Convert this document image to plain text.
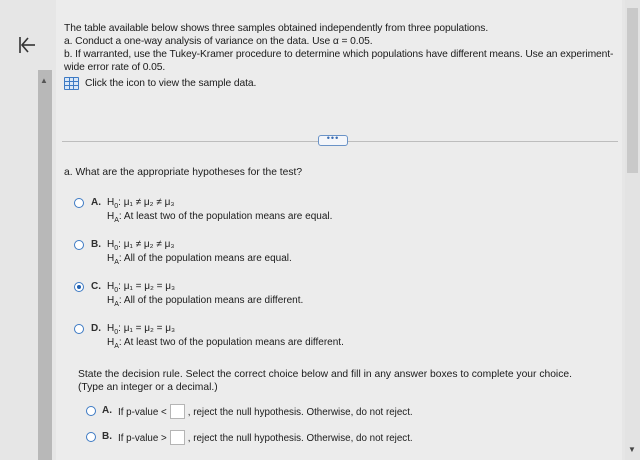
▲

The table available below shows three samples obtained independently from three populations.

a. Conduct a one-way analysis of variance on the data. Use α = 0.05.

b. If warranted, use the Tukey-Kramer procedure to determine which populations have different means. Use an experiment-wide error rate of 0.05.

Click the icon to view the sample data.
•••
a. What are the appropriate hypotheses for the test?
A. $H_0$: μ₁ ≠ μ₂ ≠ μ₃
$H_A$: At least two of the population means are equal.
B. $H_0$: μ₁ ≠ μ₂ ≠ μ₃
$H_A$: All of the population means are equal.
C. $H_0$: μ₁ = μ₂ = μ₃
$H_A$: All of the population means are different.
D. $H_0$: μ₁ = μ₂ = μ₃
$H_A$: At least two of the population means are different.

State the decision rule. Select the correct choice below and fill in any answer boxes to complete your choice.

(Type an integer or a decimal.)

A. If p-value < , reject the null hypothesis. Otherwise, do not reject.
B. If p-value > , reject the null hypothesis. Otherwise, do not reject.
▼
